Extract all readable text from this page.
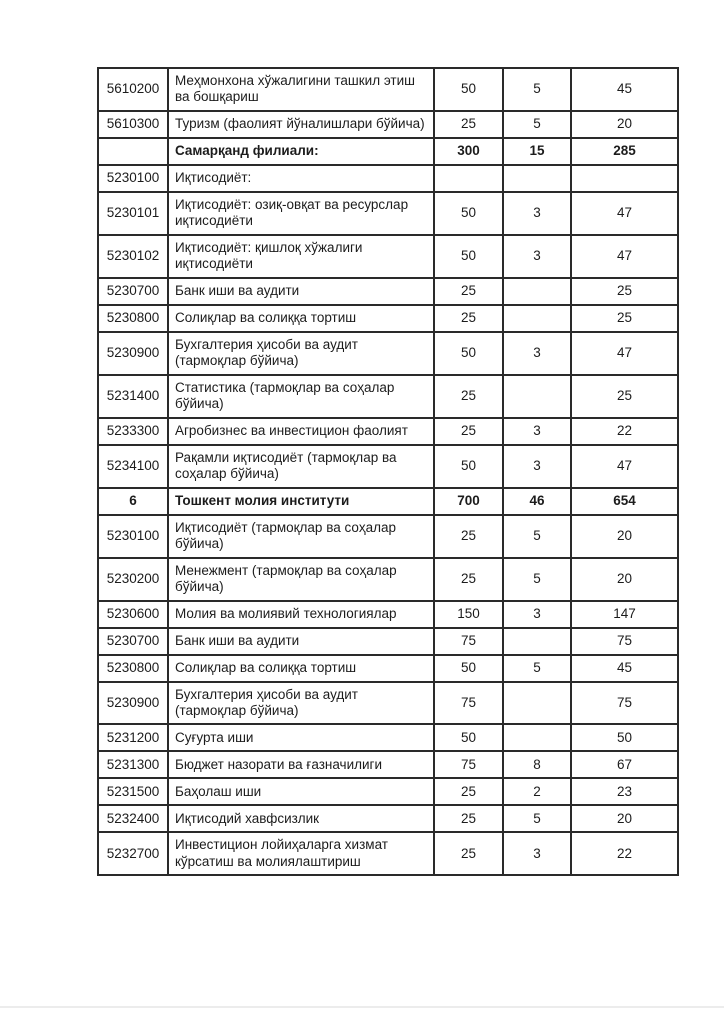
5610200	Меҳмонхона хўжалигини ташкил этиш ва бошқариш	50	5	45
5610300	Туризм (фаолият йўналишлари бўйича)	25	5	20
	Самарқанд филиали:	300	15	285
5230100	Иқтисодиёт:			
5230101	Иқтисодиёт: озиқ-овқат ва ресурслар иқтисодиёти	50	3	47
5230102	Иқтисодиёт: қишлоқ хўжалиги иқтисодиёти	50	3	47
5230700	Банк иши ва аудити	25		25
5230800	Солиқлар ва солиққа тортиш	25		25
5230900	Бухгалтерия ҳисоби ва аудит (тармоқлар бўйича)	50	3	47
5231400	Статистика (тармоқлар ва соҳалар бўйича)	25		25
5233300	Агробизнес ва инвестицион фаолият	25	3	22
5234100	Рақамли иқтисодиёт (тармоқлар ва соҳалар бўйича)	50	3	47
6	Тошкент молия институти	700	46	654
5230100	Иқтисодиёт (тармоқлар ва соҳалар бўйича)	25	5	20
5230200	Менежмент (тармоқлар ва соҳалар бўйича)	25	5	20
5230600	Молия ва молиявий технологиялар	150	3	147
5230700	Банк иши ва аудити	75		75
5230800	Солиқлар ва солиққа тортиш	50	5	45
5230900	Бухгалтерия ҳисоби ва аудит (тармоқлар бўйича)	75		75
5231200	Суғурта иши	50		50
5231300	Бюджет назорати ва ғазначилиги	75	8	67
5231500	Баҳолаш иши	25	2	23
5232400	Иқтисодий хавфсизлик	25	5	20
5232700	Инвестицион лойиҳаларга хизмат кўрсатиш ва молиялаштириш	25	3	22
